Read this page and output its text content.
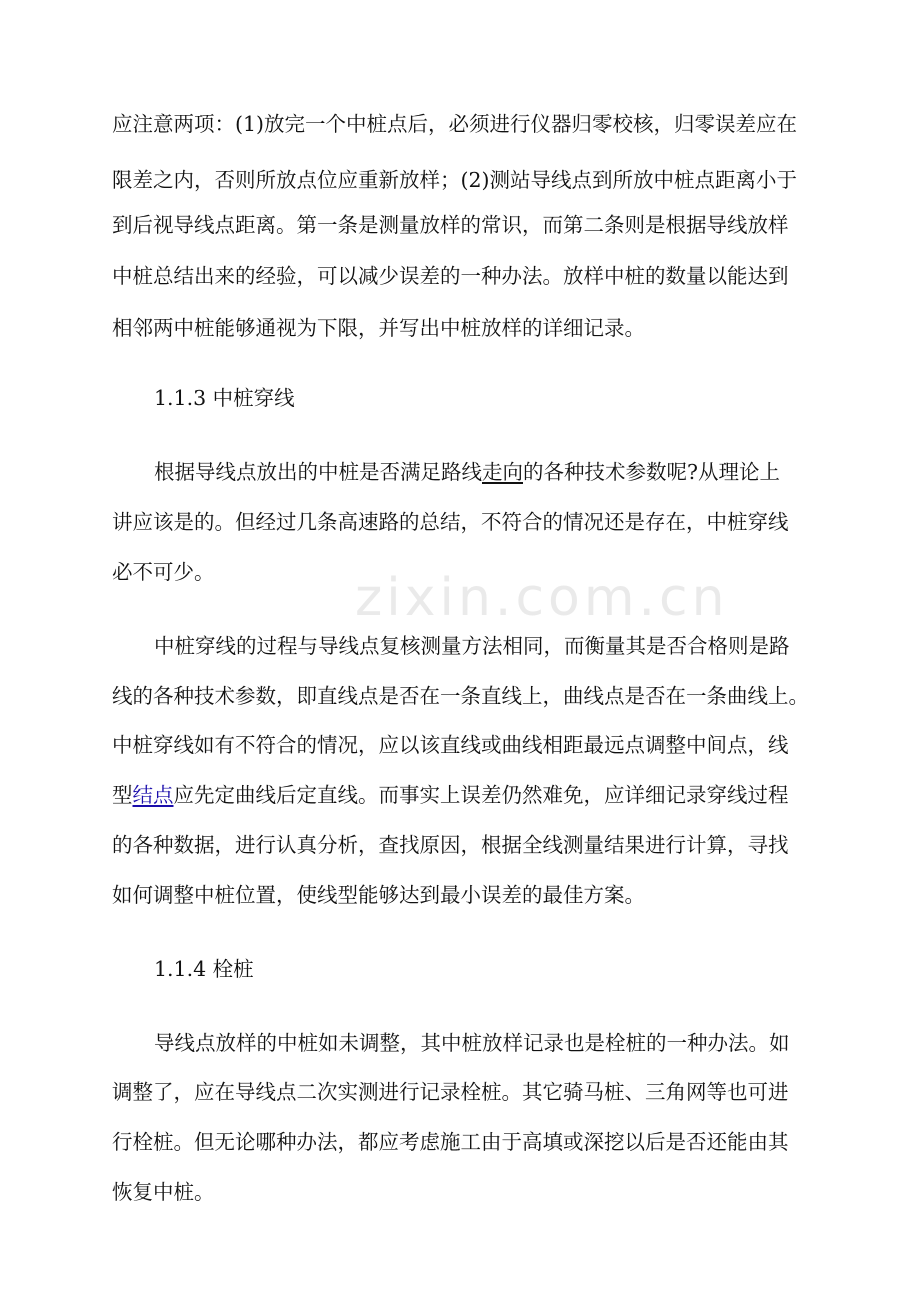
zixin.com.cn
应注意两项：(1)放完一个中桩点后，必须进行仪器归零校核，归零误差应在
限差之内，否则所放点位应重新放样；(2)测站导线点到所放中桩点距离小于
到后视导线点距离。第一条是测量放样的常识，而第二条则是根据导线放样
中桩总结出来的经验，可以减少误差的一种办法。放样中桩的数量以能达到
相邻两中桩能够通视为下限，并写出中桩放样的详细记录。
1.1.3 中桩穿线
根据导线点放出的中桩是否满足路线走向的各种技术参数呢?从理论上
讲应该是的。但经过几条高速路的总结，不符合的情况还是存在，中桩穿线
必不可少。
中桩穿线的过程与导线点复核测量方法相同，而衡量其是否合格则是路
线的各种技术参数，即直线点是否在一条直线上，曲线点是否在一条曲线上。
中桩穿线如有不符合的情况，应以该直线或曲线相距最远点调整中间点，线
型结点应先定曲线后定直线。而事实上误差仍然难免，应详细记录穿线过程
的各种数据，进行认真分析，查找原因，根据全线测量结果进行计算，寻找
如何调整中桩位置，使线型能够达到最小误差的最佳方案。
1.1.4 栓桩
导线点放样的中桩如未调整，其中桩放样记录也是栓桩的一种办法。如
调整了，应在导线点二次实测进行记录栓桩。其它骑马桩、三角网等也可进
行栓桩。但无论哪种办法，都应考虑施工由于高填或深挖以后是否还能由其
恢复中桩。
